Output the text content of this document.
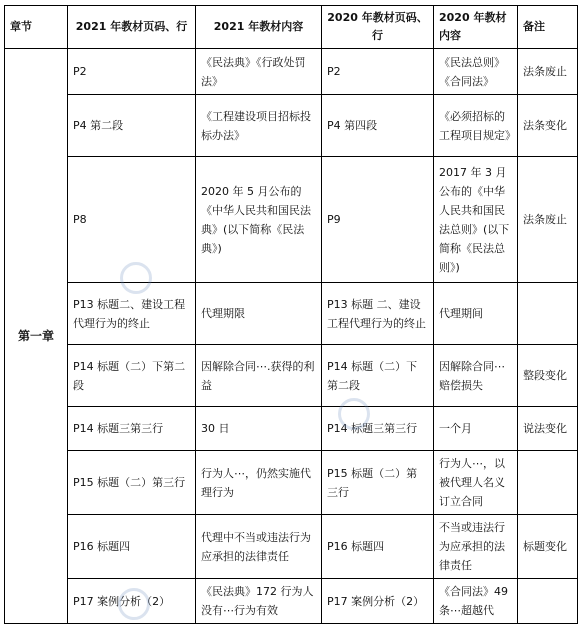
章节	2021 年教材页码、行	2021 年教材内容	2020 年教材页码、行	2020 年教材内容	备注
第一章	P2	《民法典》《行政处罚法》	P2	《民法总则》《合同法》	法条废止
	P4 第二段	《工程建设项目招标投标办法》	P4 第四段	《必须招标的工程项目规定》	法条变化
	P8	2020 年 5 月公布的《中华人民共和国民法典》(以下简称《民法典》)	P9	2017 年 3 月公布的《中华人民共和国民法总则》(以下简称《民法总则》)	法条废止
	P13 标题二、建设工程代理行为的终止	代理期限	P13 标题 二、建设工程代理行为的终止	代理期间	
	P14 标题（二）下第二段	因解除合同⋯.获得的利益	P14 标题（二）下第二段	因解除合同⋯赔偿损失	整段变化
	P14 标题三第三行	30 日	P14 标题三第三行	一个月	说法变化
	P15 标题（二）第三行	行为人⋯，仍然实施代理行为	P15 标题（二）第三行	行为人⋯，以被代理人名义订立合同	
	P16 标题四	代理中不当或违法行为应承担的法律责任	P16 标题四	不当或违法行为应承担的法律责任	标题变化
	P17 案例分析（2）	《民法典》172 行为人没有⋯行为有效	P17 案例分析（2）	《合同法》49 条⋯超越代	
